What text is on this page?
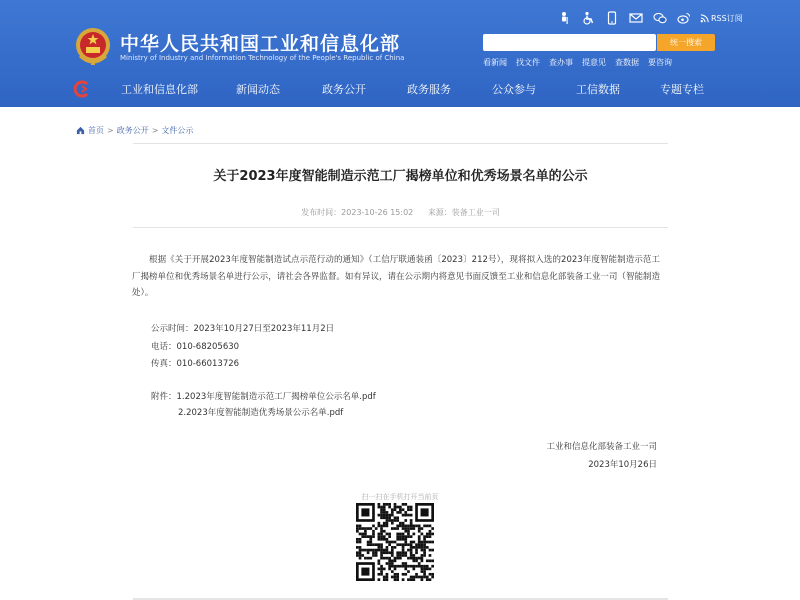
中华人民共和国工业和信息化部
Ministry of Industry and Information Technology of the People's Republic of China
RSS订阅
统一搜索
看新闻 找文件 查办事 提意见 查数据 要咨询
工业和信息化部	新闻动态	政务公开	政务服务	公众参与	工信数据	专题专栏
首页 > 政务公开 > 文件公示
关于2023年度智能制造示范工厂揭榜单位和优秀场景名单的公示
发布时间：2023-10-26 15:02 来源：装备工业一司
根据《关于开展2023年度智能制造试点示范行动的通知》（工信厅联通装函〔2023〕212号），现将拟入选的2023年度智能制造示范工厂揭榜单位和优秀场景名单进行公示，请社会各界监督。如有异议，请在公示期内将意见书面反馈至工业和信息化部装备工业一司（智能制造处）。
公示时间：2023年10月27日至2023年11月2日
电话：010-68205630
传真：010-66013726
附件：1.2023年度智能制造示范工厂揭榜单位公示名单.pdf
2.2023年度智能制造优秀场景公示名单.pdf
工业和信息化部装备工业一司
2023年10月26日
扫一扫在手机打开当前页
